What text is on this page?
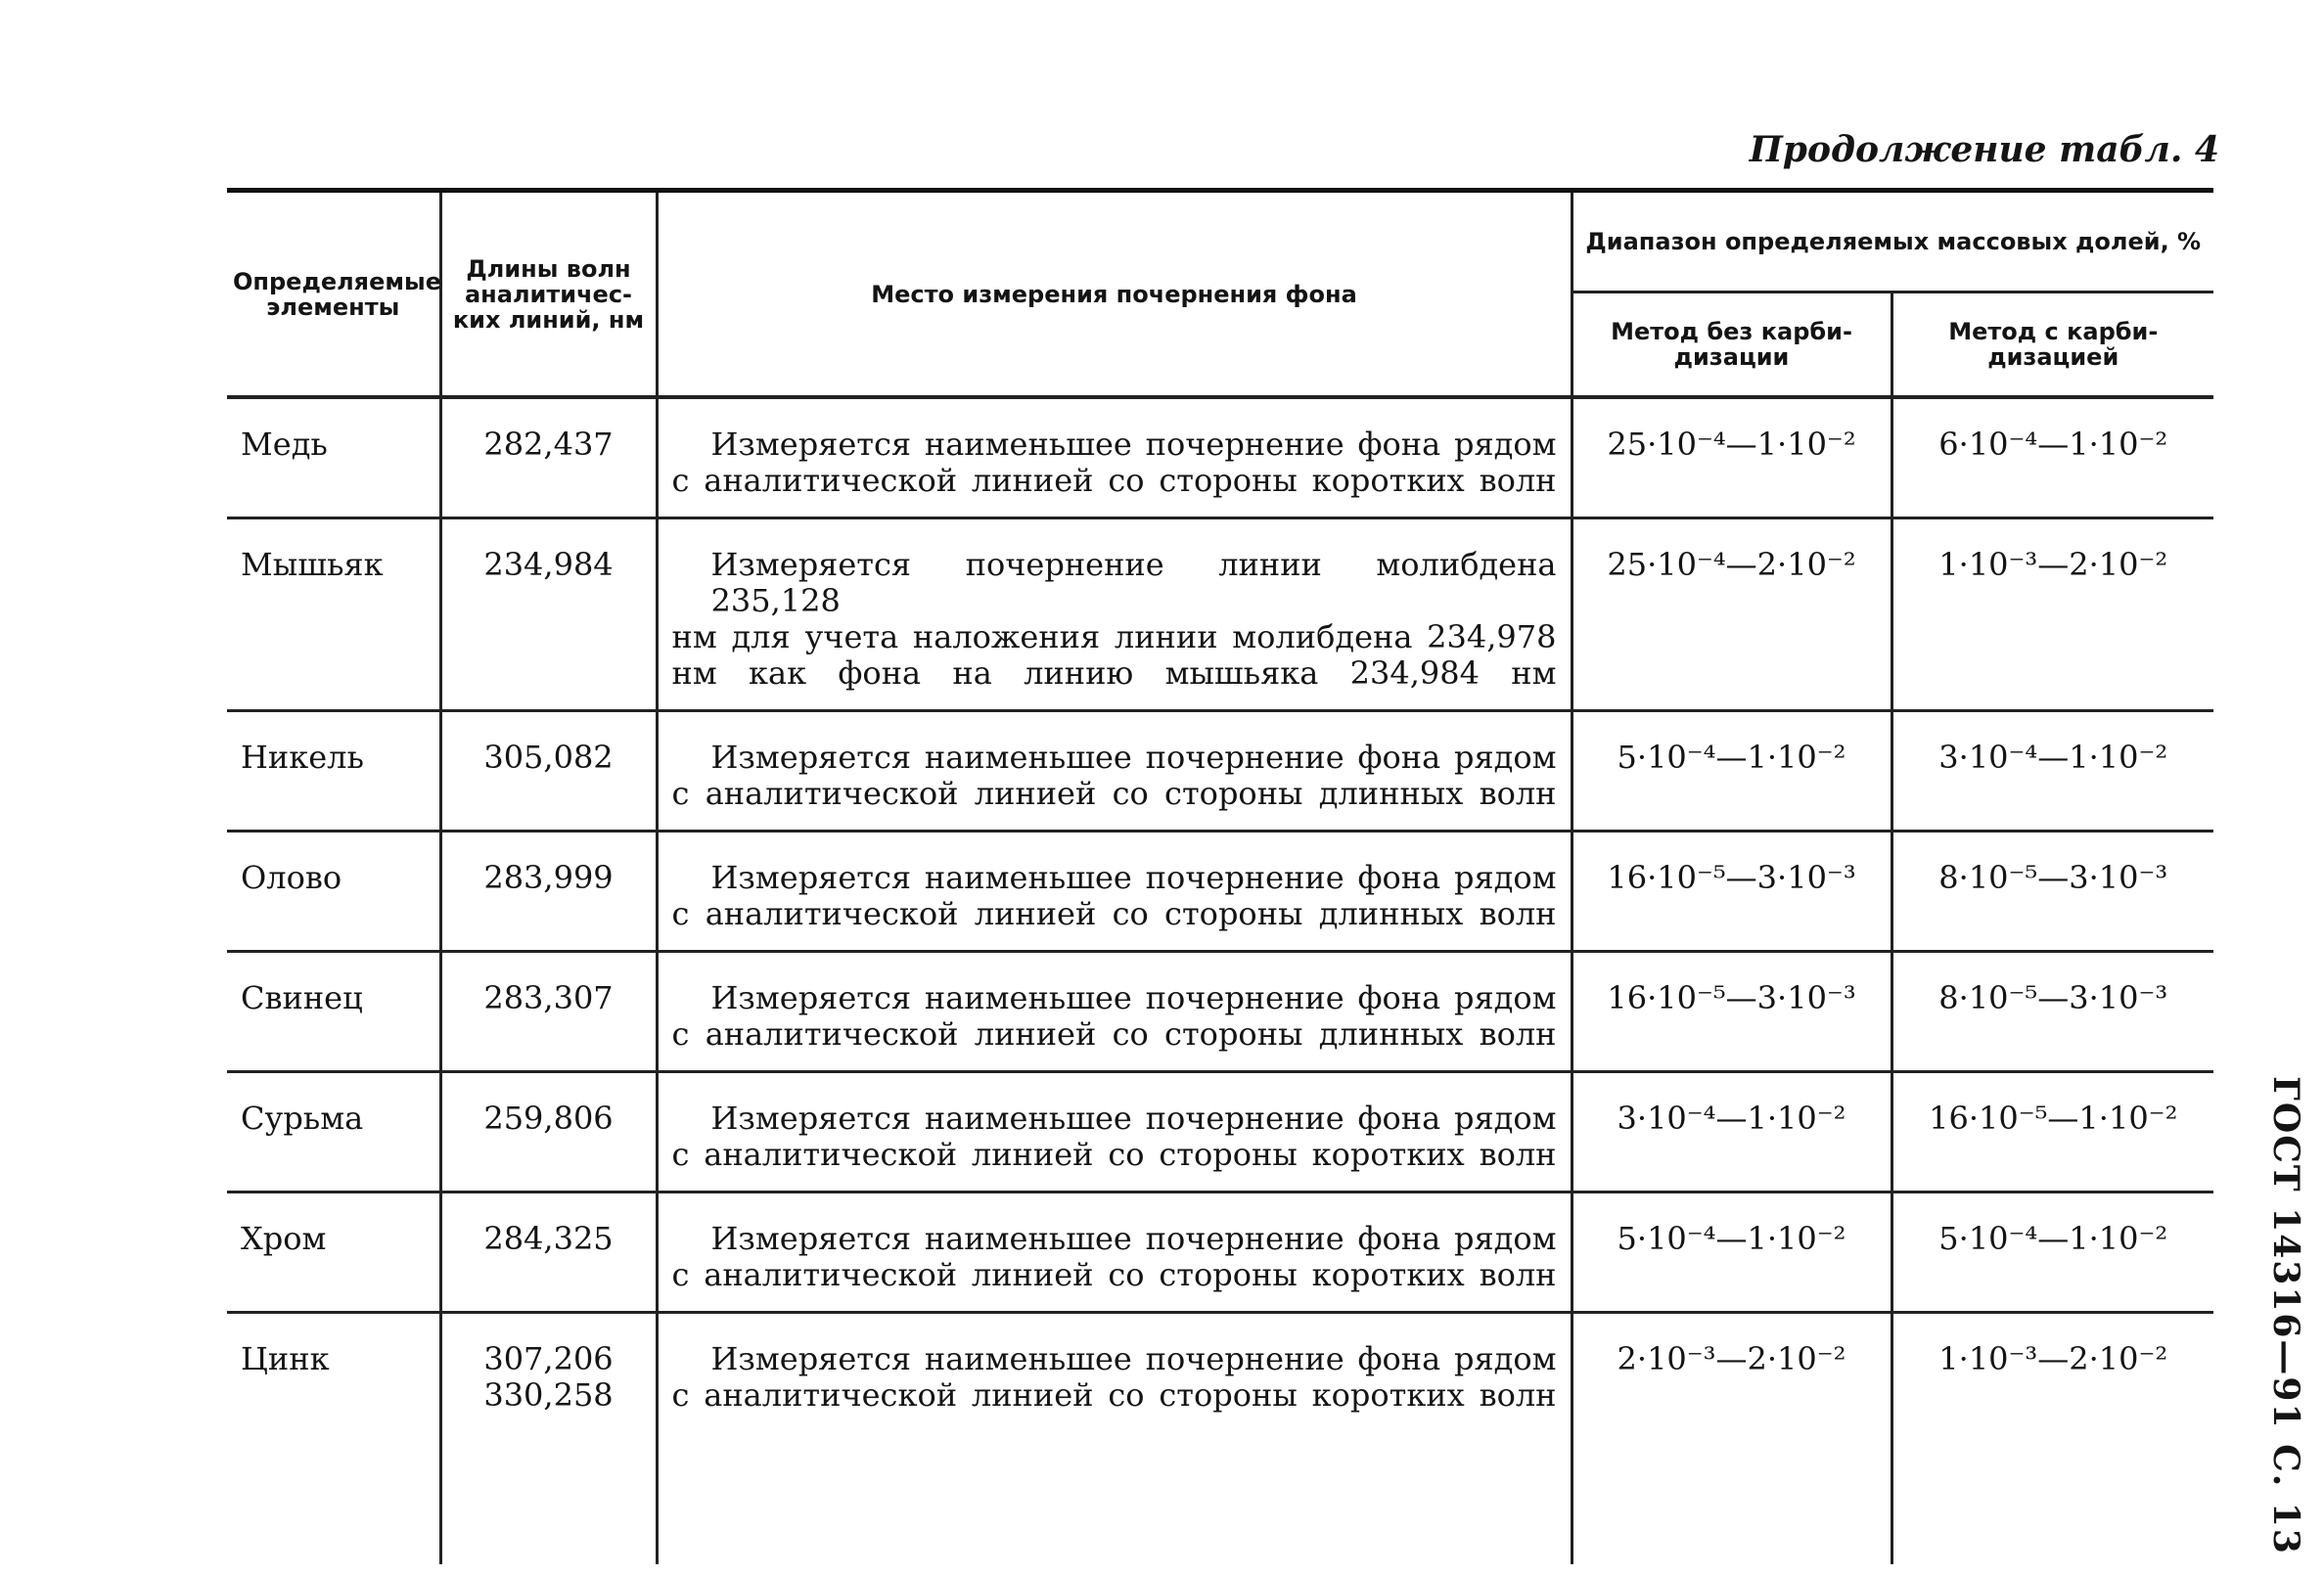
Продолжение табл. 4
ГОСТ 14316—91 С. 13
Определяемые элементы	Длины волн аналитичес-ких линий, нм	Место измерения почернения фона	Диапазон определяемых массовых долей, %	
			Метод без карби-дизации	Метод с карби-дизацией
Медь	282,437	Измеряется наименьшее почернение фона рядом
с аналитической линией со стороны коротких волн	25·10⁻⁴—1·10⁻²	6·10⁻⁴—1·10⁻²
Мышьяк	234,984	Измеряется почернение линии молибдена 235,128
нм для учета наложения линии молибдена 234,978
нм как фона на линию мышьяка 234,984 нм	25·10⁻⁴—2·10⁻²	1·10⁻³—2·10⁻²
Никель	305,082	Измеряется наименьшее почернение фона рядом
с аналитической линией со стороны длинных волн	5·10⁻⁴—1·10⁻²	3·10⁻⁴—1·10⁻²
Олово	283,999	Измеряется наименьшее почернение фона рядом
с аналитической линией со стороны длинных волн	16·10⁻⁵—3·10⁻³	8·10⁻⁵—3·10⁻³
Свинец	283,307	Измеряется наименьшее почернение фона рядом
с аналитической линией со стороны длинных волн	16·10⁻⁵—3·10⁻³	8·10⁻⁵—3·10⁻³
Сурьма	259,806	Измеряется наименьшее почернение фона рядом
с аналитической линией со стороны коротких волн	3·10⁻⁴—1·10⁻²	16·10⁻⁵—1·10⁻²
Хром	284,325	Измеряется наименьшее почернение фона рядом
с аналитической линией со стороны коротких волн	5·10⁻⁴—1·10⁻²	5·10⁻⁴—1·10⁻²
Цинк	307,206
330,258	Измеряется наименьшее почернение фона рядом
с аналитической линией со стороны коротких волн	2·10⁻³—2·10⁻²	1·10⁻³—2·10⁻²
